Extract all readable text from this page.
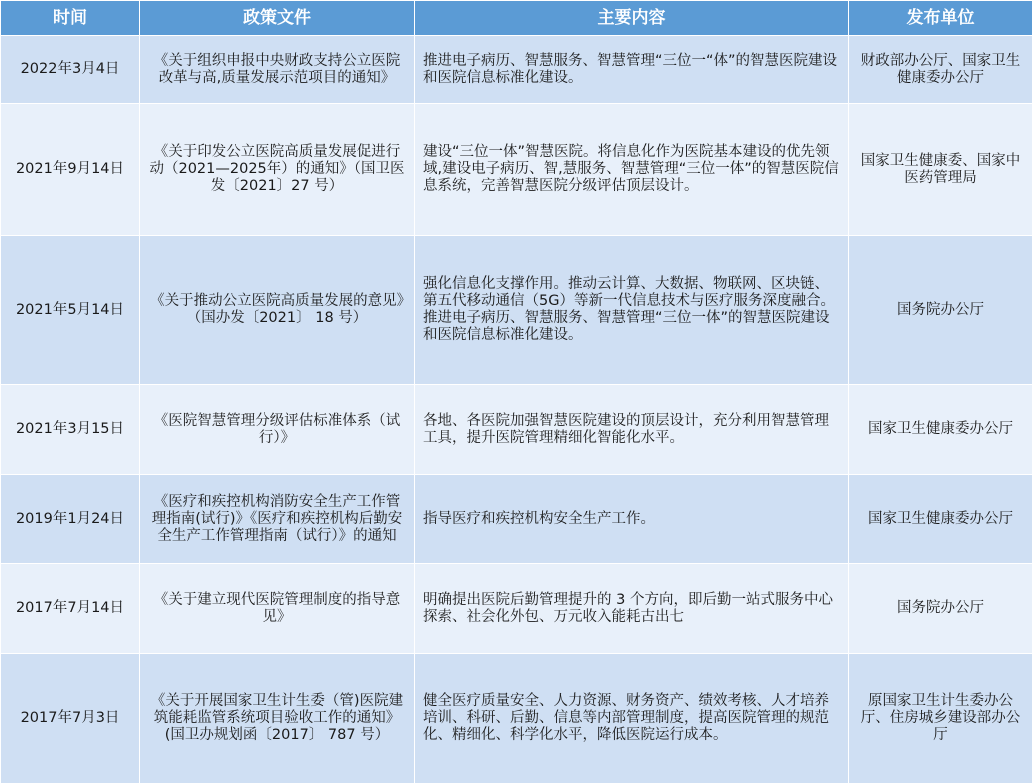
时间	政策文件	主要内容	发布单位
2022年3月4日	《关于组织申报中央财政支持公立医院改革与高,质量发展示范项目的通知》	推进电子病历、智慧服务、智慧管理“三位一“体”的智慧医院建设和医院信息标准化建设。	财政部办公厅、国家卫生健康委办公厅
2021年9月14日	《关于印发公立医院高质量发展促进行动（2021—2025年）的通知》（国卫医发〔2021〕27 号）	建设“三位一体”智慧医院。将信息化作为医院基本建设的优先领域,建设电子病历、智,慧服务、智慧管理“三位一体”的智慧医院信息系统，完善智慧医院分级评估顶层设计。	国家卫生健康委、国家中医药管理局
2021年5月14日	《关于推动公立医院高质量发展的意见》（国办发〔2021〕 18 号）	强化信息化支撑作用。推动云计算、大数据、物联网、区块链、第五代移动通信（5G）等新一代信息技术与医疗服务深度融合。推进电子病历、智慧服务、智慧管理“三位一体”的智慧医院建设和医院信息标准化建设。	国务院办公厅
2021年3月15日	《医院智慧管理分级评估标准体系（试行）》	各地、各医院加强智慧医院建设的顶层设计，充分利用智慧管理工具，提升医院管理精细化智能化水平。	国家卫生健康委办公厅
2019年1月24日	《医疗和疾控机构消防安全生产工作管理指南(试行)》《医疗和疾控机构后勤安全生产工作管理指南（试行）》的通知	指导医疗和疾控机构安全生产工作。	国家卫生健康委办公厅
2017年7月14日	《关于建立现代医院管理制度的指导意见》	明确提出医院后勤管理提升的 3 个方向，即后勤一站式服务中心探索、社会化外包、万元收入能耗古出七	国务院办公厅
2017年7月3日	《关于开展国家卫生计生委（管)医院建筑能耗监管系统项目验收工作的通知》(国卫办规划函〔2017〕 787 号）	健全医疗质量安全、人力资源、财务资产、绩效考核、人才培养培训、科研、后勤、信息等内部管理制度，提高医院管理的规范化、精细化、科学化水平，降低医院运行成本。	原国家卫生计生委办公厅、住房城乡建设部办公厅
